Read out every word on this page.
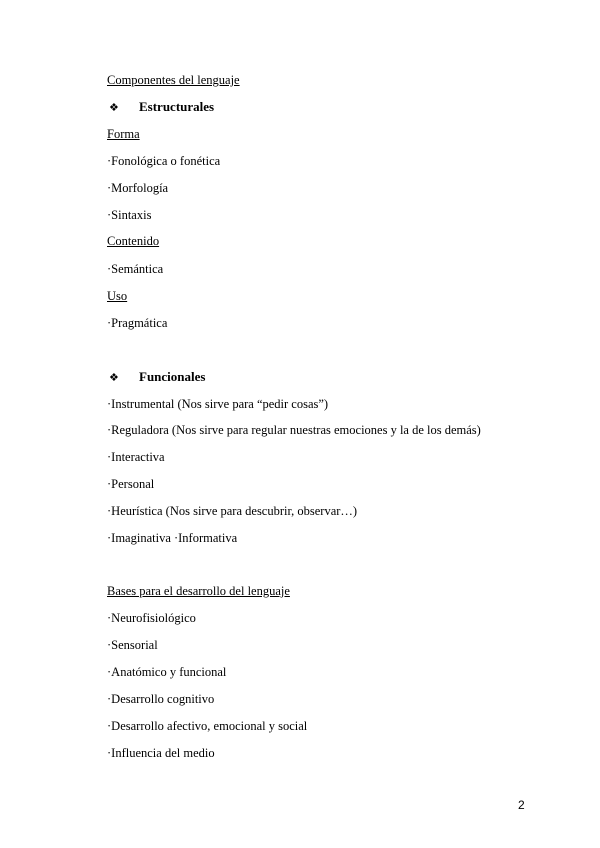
Componentes del lenguaje
❖ Estructurales
Forma
·Fonológica o fonética
·Morfología
·Sintaxis
Contenido
·Semántica
Uso
·Pragmática
❖ Funcionales
·Instrumental (Nos sirve para “pedir cosas”)
·Reguladora (Nos sirve para regular nuestras emociones y la de los demás)
·Interactiva
·Personal
·Heurística (Nos sirve para descubrir, observar…)
·Imaginativa ·Informativa
Bases para el desarrollo del lenguaje
·Neurofisiológico
·Sensorial
·Anatómico y funcional
·Desarrollo cognitivo
·Desarrollo afectivo, emocional y social
·Influencia del medio
2
